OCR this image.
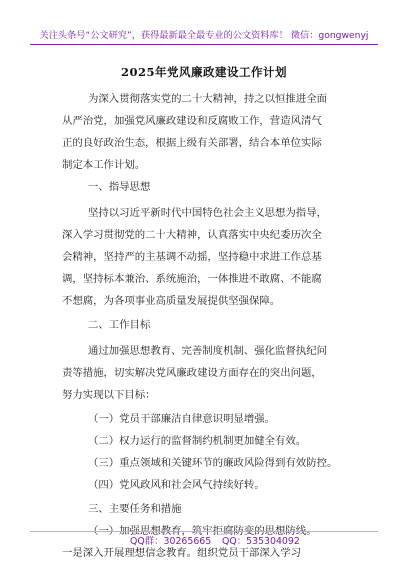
关注头条号“公文研究”，获得最新最全最专业的公文资料库！ 微信：gongwenyj
2025年党风廉政建设工作计划
为深入贯彻落实党的二十大精神，持之以恒推进全面
从严治党，加强党风廉政建设和反腐败工作，营造风清气
正的良好政治生态，根据上级有关部署，结合本单位实际
制定本工作计划。
一、指导思想
坚持以习近平新时代中国特色社会主义思想为指导，
深入学习贯彻党的二十大精神，认真落实中央纪委历次全
会精神，坚持严的主基调不动摇，坚持稳中求进工作总基
调，坚持标本兼治、系统施治，一体推进不敢腐、不能腐
不想腐，为各项事业高质量发展提供坚强保障。
二、工作目标
通过加强思想教育、完善制度机制、强化监督执纪问
责等措施，切实解决党风廉政建设方面存在的突出问题，
努力实现以下目标：
（一）党员干部廉洁自律意识明显增强。
（二）权力运行的监督制约机制更加健全有效。
（三）重点领域和关键环节的廉政风险得到有效防控。
（四）党风政风和社会风气持续好转。
三、主要任务和措施
（一）加强思想教育，筑牢拒腐防变的思想防线。
一是深入开展理想信念教育。组织党员干部深入学习
QQ群：30265665 QQ：535304092
